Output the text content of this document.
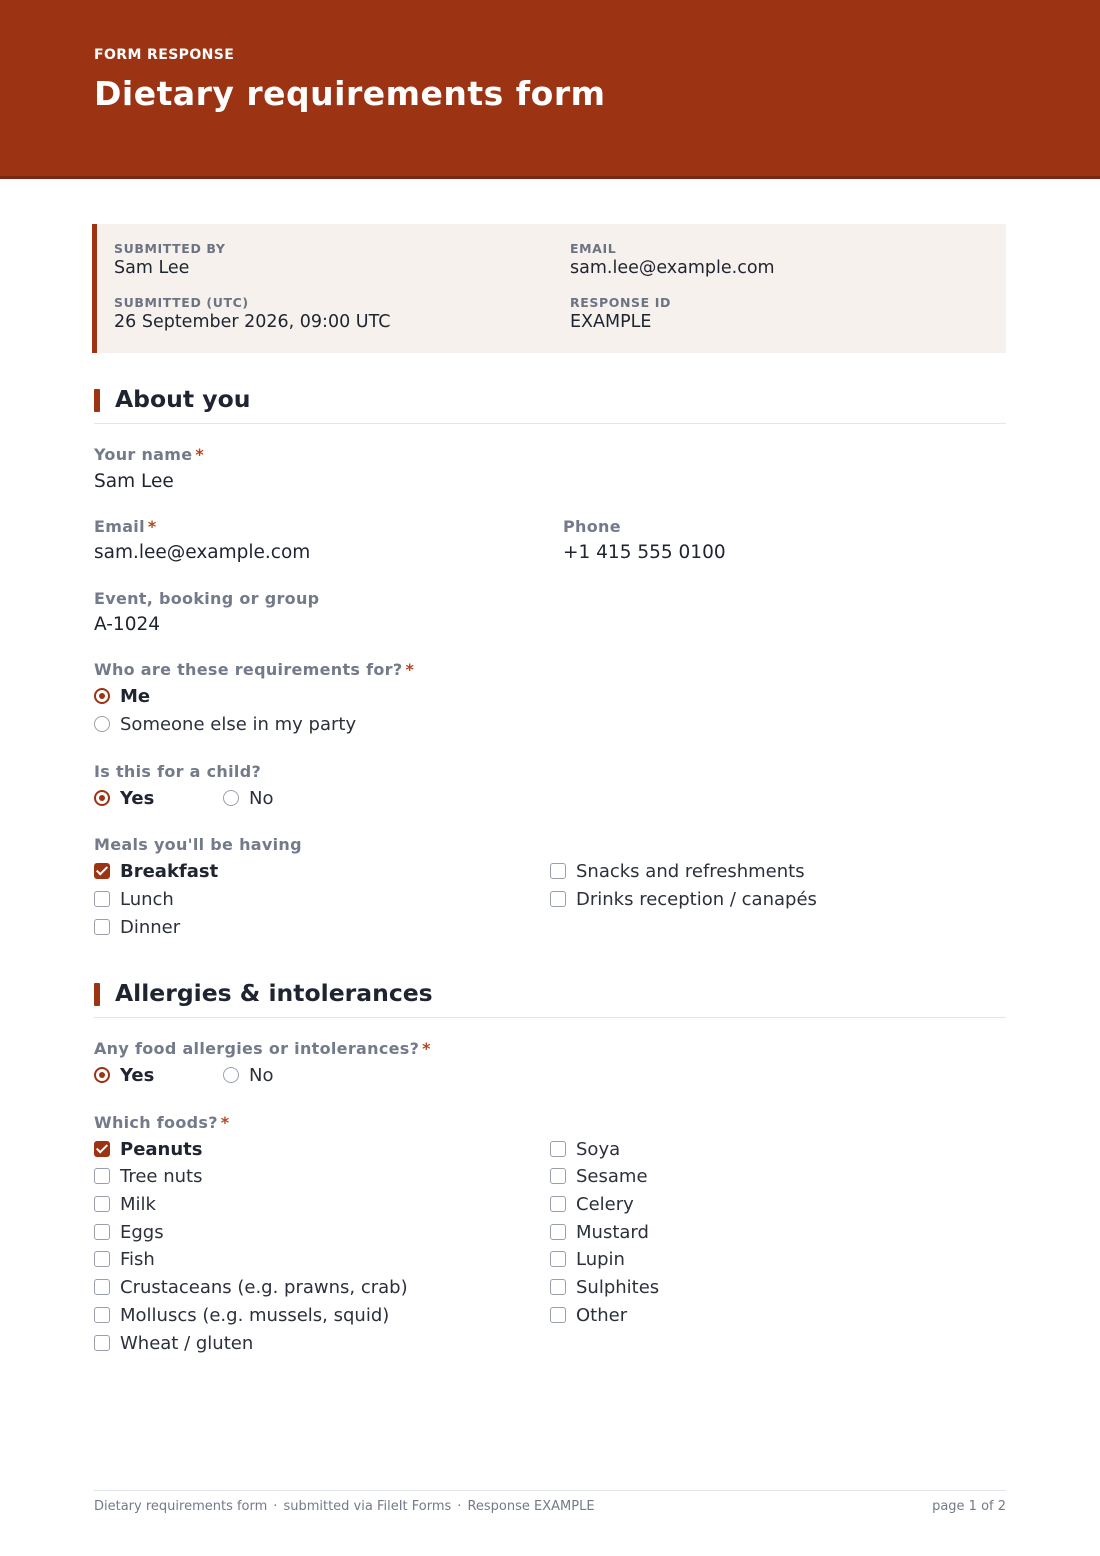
FORM RESPONSE
Dietary requirements form
SUBMITTED BY
Sam Lee
EMAIL
sam.lee@example.com
SUBMITTED (UTC)
26 September 2026, 09:00 UTC
RESPONSE ID
EXAMPLE
About you
Your name *
Sam Lee
Email *
sam.lee@example.com
Phone
+1 415 555 0100
Event, booking or group
A-1024
Who are these requirements for? *
Me
Someone else in my party
Is this for a child?
Yes	No
Meal​s you'll be having
Breakfast
Lunch
Dinner
Snacks and refreshments
Drinks reception / canapés
Allergies & intolerances
Any food allergies or intolerances? *
Yes	No
Which foods? *
Peanuts
Tree nuts
Milk
Eggs
Fish
Crustaceans (e.g. prawns, crab)
Molluscs (e.g. mussels, squid)
Wheat / gluten
Soya
Sesame
Celery
Mustard
Lupin
Sulphites
Other
Dietary requirements form · submitted via FileIt Forms · Response EXAMPLE	page 1 of 2
